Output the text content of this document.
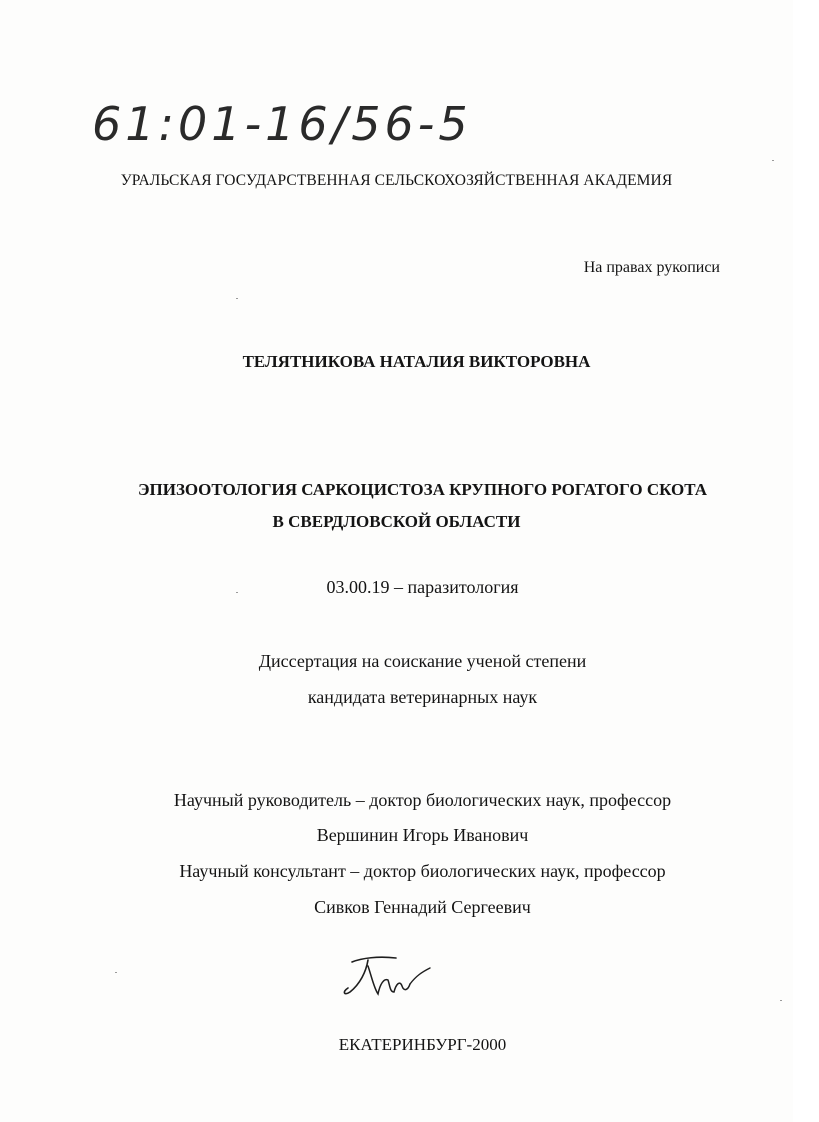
61:01-16/56-5
УРАЛЬСКАЯ ГОСУДАРСТВЕННАЯ СЕЛЬСКОХОЗЯЙСТВЕННАЯ АКАДЕМИЯ
На правах рукописи
ТЕЛЯТНИКОВА НАТАЛИЯ ВИКТОРОВНА
ЭПИЗООТОЛОГИЯ САРКОЦИСТОЗА КРУПНОГО РОГАТОГО СКОТА
В СВЕРДЛОВСКОЙ ОБЛАСТИ
03.00.19 – паразитология
Диссертация на соискание ученой степени
кандидата ветеринарных наук
Научный руководитель – доктор биологических наук, профессор
Вершинин Игорь Иванович
Научный консультант – доктор биологических наук, профессор
Сивков Геннадий Сергеевич
ЕКАТЕРИНБУРГ-2000
